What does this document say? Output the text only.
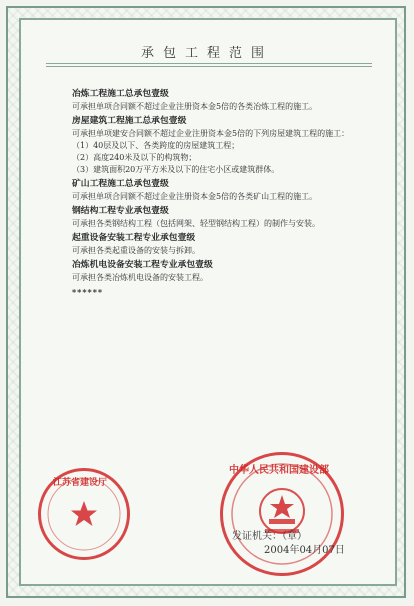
承包工程范围
冶炼工程施工总承包壹级
可承担单项合同额不超过企业注册资本金5倍的各类冶炼工程的施工。
房屋建筑工程施工总承包壹级
可承担单项建安合同额不超过企业注册资本金5倍的下列房屋建筑工程的施工：
（1）40层及以下、各类跨度的房屋建筑工程；
（2）高度240米及以下的构筑物；
（3）建筑面积20万平方米及以下的住宅小区或建筑群体。
矿山工程施工总承包壹级
可承担单项合同额不超过企业注册资本金5倍的各类矿山工程的施工。
钢结构工程专业承包壹级
可承担各类钢结构工程（包括网架、轻型钢结构工程）的制作与安装。
起重设备安装工程专业承包壹级
可承担各类起重设备的安装与拆卸。
冶炼机电设备安装工程专业承包壹级
可承担各类冶炼机电设备的安装工程。
******
江苏省建设厅
中华人民共和国建设部
发证机关：（章）
2004年04月07日
